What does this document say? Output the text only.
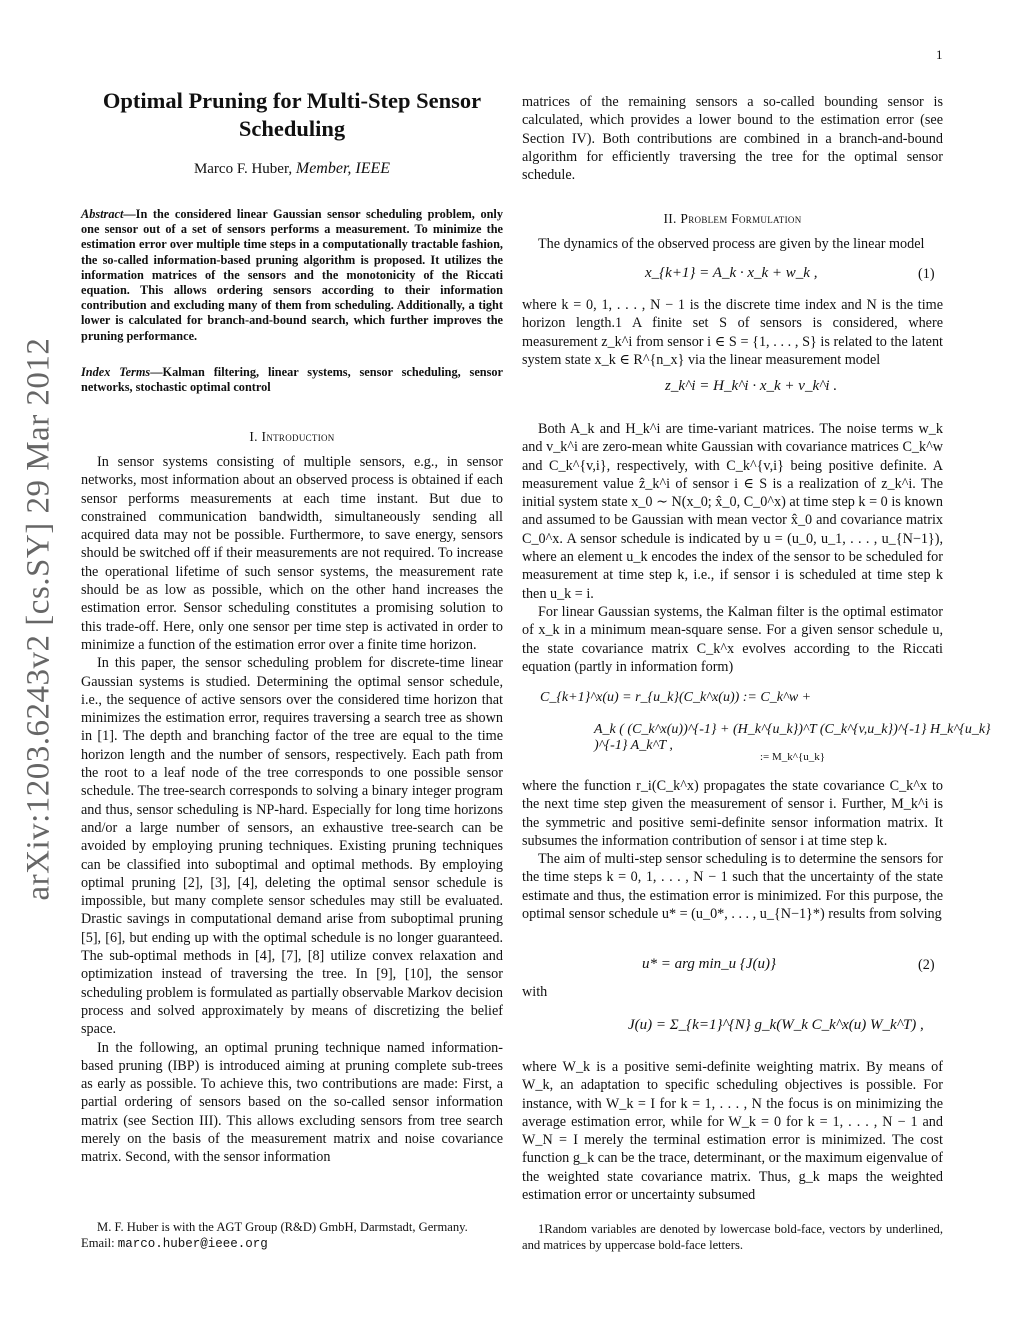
1
arXiv:1203.6243v2 [cs.SY] 29 Mar 2012
Optimal Pruning for Multi-Step Sensor Scheduling
Marco F. Huber, Member, IEEE
Abstract—In the considered linear Gaussian sensor scheduling problem, only one sensor out of a set of sensors performs a measurement. To minimize the estimation error over multiple time steps in a computationally tractable fashion, the so-called information-based pruning algorithm is proposed. It utilizes the information matrices of the sensors and the monotonicity of the Riccati equation. This allows ordering sensors according to their information contribution and excluding many of them from scheduling. Additionally, a tight lower is calculated for branch-and-bound search, which further improves the pruning performance.
Index Terms—Kalman filtering, linear systems, sensor scheduling, sensor networks, stochastic optimal control
I. Introduction

In sensor systems consisting of multiple sensors, e.g., in sensor networks, most information about an observed process is obtained if each sensor performs measurements at each time instant. But due to constrained communication bandwidth, simultaneously sending all acquired data may not be possible. Furthermore, to save energy, sensors should be switched off if their measurements are not required. To increase the operational lifetime of such sensor systems, the measurement rate should be as low as possible, which on the other hand increases the estimation error. Sensor scheduling constitutes a promising solution to this trade-off. Here, only one sensor per time step is activated in order to minimize a function of the estimation error over a finite time horizon.

In this paper, the sensor scheduling problem for discrete-time linear Gaussian systems is studied. Determining the optimal sensor schedule, i.e., the sequence of active sensors over the considered time horizon that minimizes the estimation error, requires traversing a search tree as shown in [1]. The depth and branching factor of the tree are equal to the time horizon length and the number of sensors, respectively. Each path from the root to a leaf node of the tree corresponds to one possible sensor schedule. The tree-search corresponds to solving a binary integer program and thus, sensor scheduling is NP-hard. Especially for long time horizons and/or a large number of sensors, an exhaustive tree-search can be avoided by employing pruning techniques. Existing pruning techniques can be classified into suboptimal and optimal methods. By employing optimal pruning [2], [3], [4], deleting the optimal sensor schedule is impossible, but many complete sensor schedules may still be evaluated. Drastic savings in computational demand arise from suboptimal pruning [5], [6], but ending up with the optimal schedule is no longer guaranteed. The sub-optimal methods in [4], [7], [8] utilize convex relaxation and optimization instead of traversing the tree. In [9], [10], the sensor scheduling problem is formulated as partially observable Markov decision process and solved approximately by means of discretizing the belief space.

In the following, an optimal pruning technique named information-based pruning (IBP) is introduced aiming at pruning complete sub-trees as early as possible. To achieve this, two contributions are made: First, a partial ordering of sensors based on the so-called sensor information matrix (see Section III). This allows excluding sensors from tree search merely on the basis of the measurement matrix and noise covariance matrix. Second, with the sensor information

M. F. Huber is with the AGT Group (R&D) GmbH, Darmstadt, Germany.

Email: marco.huber@ieee.org

matrices of the remaining sensors a so-called bounding sensor is calculated, which provides a lower bound to the estimation error (see Section IV). Both contributions are combined in a branch-and-bound algorithm for efficiently traversing the tree for the optimal sensor schedule.

II. Problem Formulation

The dynamics of the observed process are given by the linear model

x_{k+1} = A_k · x_k + w_k ,	(1)

where k = 0, 1, . . . , N − 1 is the discrete time index and N is the time horizon length.1 A finite set S of sensors is considered, where measurement z_k^i from sensor i ∈ S = {1, . . . , S} is related to the latent system state x_k ∈ R^{n_x} via the linear measurement model

z_k^i = H_k^i · x_k + v_k^i .

Both A_k and H_k^i are time-variant matrices. The noise terms w_k and v_k^i are zero-mean white Gaussian with covariance matrices C_k^w and C_k^{v,i}, respectively, with C_k^{v,i} being positive definite. A measurement value ẑ_k^i of sensor i ∈ S is a realization of z_k^i. The initial system state x_0 ∼ N(x_0; x̂_0, C_0^x) at time step k = 0 is known and assumed to be Gaussian with mean vector x̂_0 and covariance matrix C_0^x. A sensor schedule is indicated by u = (u_0, u_1, . . . , u_{N−1}), where an element u_k encodes the index of the sensor to be scheduled for measurement at time step k, i.e., if sensor i is scheduled at time step k then u_k = i.

For linear Gaussian systems, the Kalman filter is the optimal estimator of x_k in a minimum mean-square sense. For a given sensor schedule u, the state covariance matrix C_k^x evolves according to the Riccati equation (partly in information form)

C_{k+1}^x(u) = r_{u_k}(C_k^x(u)) := C_k^w +
A_k ( (C_k^x(u))^{-1} + (H_k^{u_k})^T (C_k^{v,u_k})^{-1} H_k^{u_k} )^{-1} A_k^T ,
:= M_k^{u_k}

where the function r_i(C_k^x) propagates the state covariance C_k^x to the next time step given the measurement of sensor i. Further, M_k^i is the symmetric and positive semi-definite sensor information matrix. It subsumes the information contribution of sensor i at time step k.

The aim of multi-step sensor scheduling is to determine the sensors for the time steps k = 0, 1, . . . , N − 1 such that the uncertainty of the state estimate and thus, the estimation error is minimized. For this purpose, the optimal sensor schedule u* = (u_0*, . . . , u_{N−1}*) results from solving

u* = arg min_u {J(u)}	(2)

with

J(u) = Σ_{k=1}^{N} g_k(W_k C_k^x(u) W_k^T) ,

where W_k is a positive semi-definite weighting matrix. By means of W_k, an adaptation to specific scheduling objectives is possible. For instance, with W_k = I for k = 1, . . . , N the focus is on minimizing the average estimation error, while for W_k = 0 for k = 1, . . . , N − 1 and W_N = I merely the terminal estimation error is minimized. The cost function g_k can be the trace, determinant, or the maximum eigenvalue of the weighted state covariance matrix. Thus, g_k maps the weighted estimation error or uncertainty subsumed

1Random variables are denoted by lowercase bold-face, vectors by underlined, and matrices by uppercase bold-face letters.
